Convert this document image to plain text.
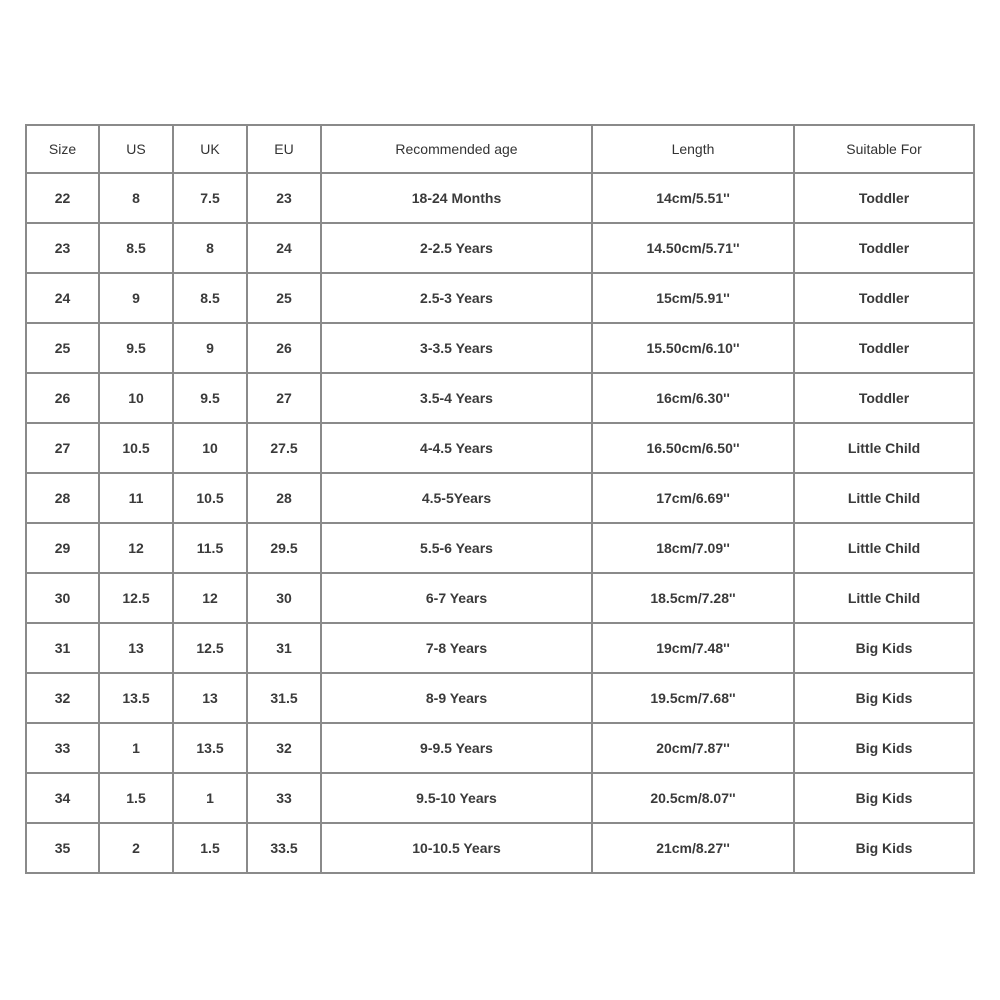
Size	US	UK	EU	Recommended age	Length	Suitable For
22	8	7.5	23	18-24 Months	14cm/5.51''	Toddler
23	8.5	8	24	2-2.5 Years	14.50cm/5.71''	Toddler
24	9	8.5	25	2.5-3 Years	15cm/5.91''	Toddler
25	9.5	9	26	3-3.5 Years	15.50cm/6.10''	Toddler
26	10	9.5	27	3.5-4 Years	16cm/6.30''	Toddler
27	10.5	10	27.5	4-4.5 Years	16.50cm/6.50''	Little Child
28	11	10.5	28	4.5-5Years	17cm/6.69''	Little Child
29	12	11.5	29.5	5.5-6 Years	18cm/7.09''	Little Child
30	12.5	12	30	6-7 Years	18.5cm/7.28''	Little Child
31	13	12.5	31	7-8 Years	19cm/7.48''	Big Kids
32	13.5	13	31.5	8-9 Years	19.5cm/7.68''	Big Kids
33	1	13.5	32	9-9.5 Years	20cm/7.87''	Big Kids
34	1.5	1	33	9.5-10 Years	20.5cm/8.07''	Big Kids
35	2	1.5	33.5	10-10.5 Years	21cm/8.27''	Big Kids
